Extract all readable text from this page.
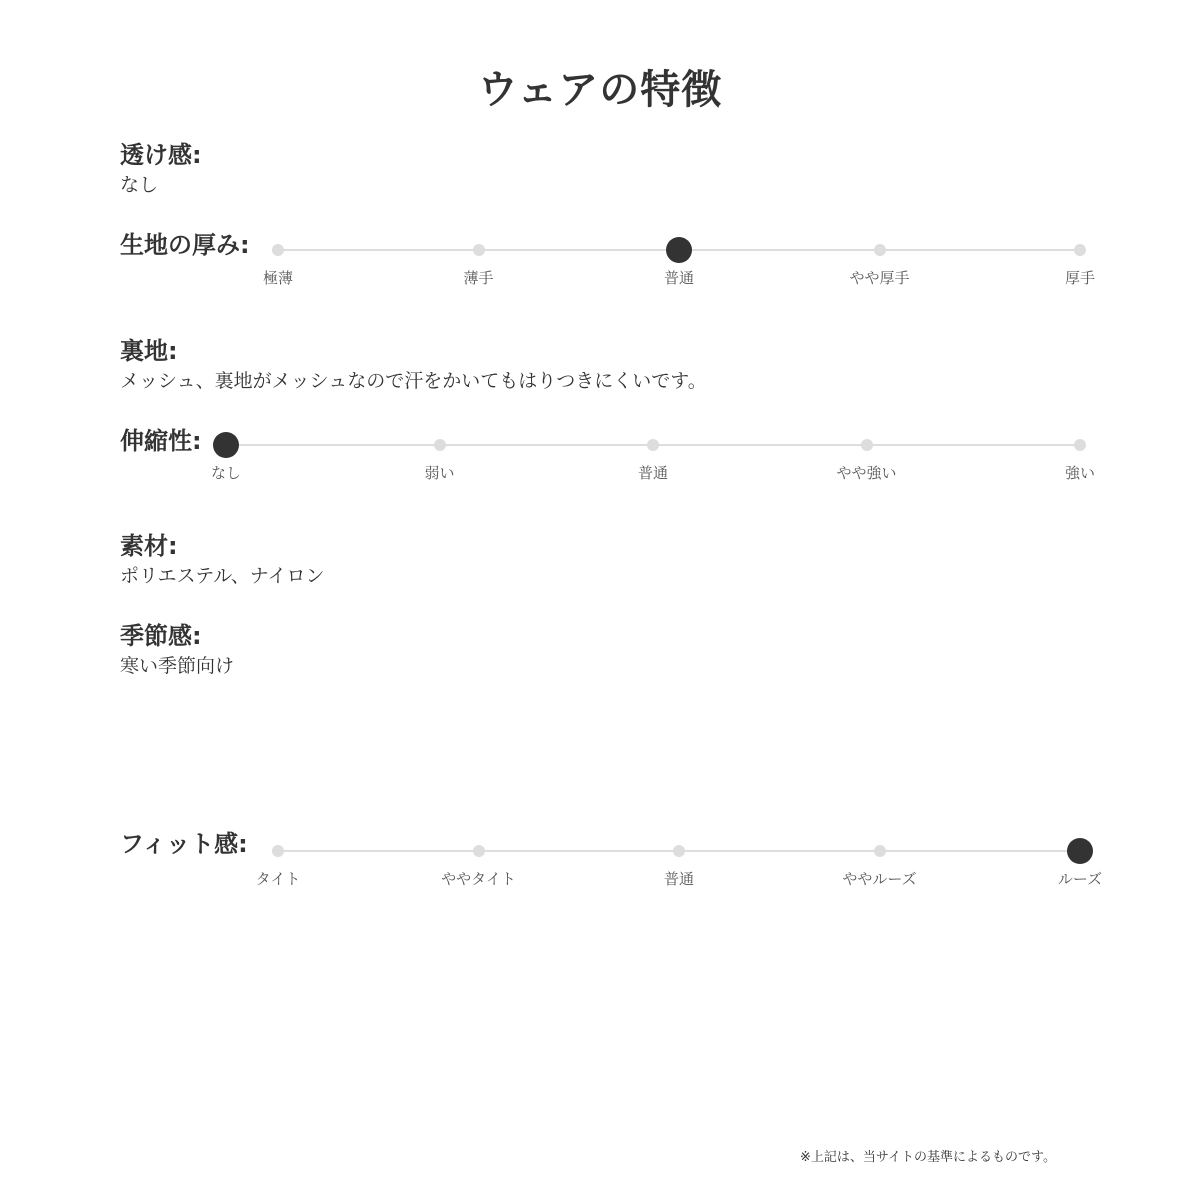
ウェアの特徴
透け感:
なし
生地の厚み:
極薄	薄手	普通	やや厚手	厚手
裏地:
メッシュ、裏地がメッシュなので汗をかいてもはりつきにくいです。
伸縮性:
なし	弱い	普通	やや強い	強い
素材:
ポリエステル、ナイロン
季節感:
寒い季節向け
フィット感:
タイト	ややタイト	普通	ややルーズ	ルーズ
※上記は、当サイトの基準によるものです。
